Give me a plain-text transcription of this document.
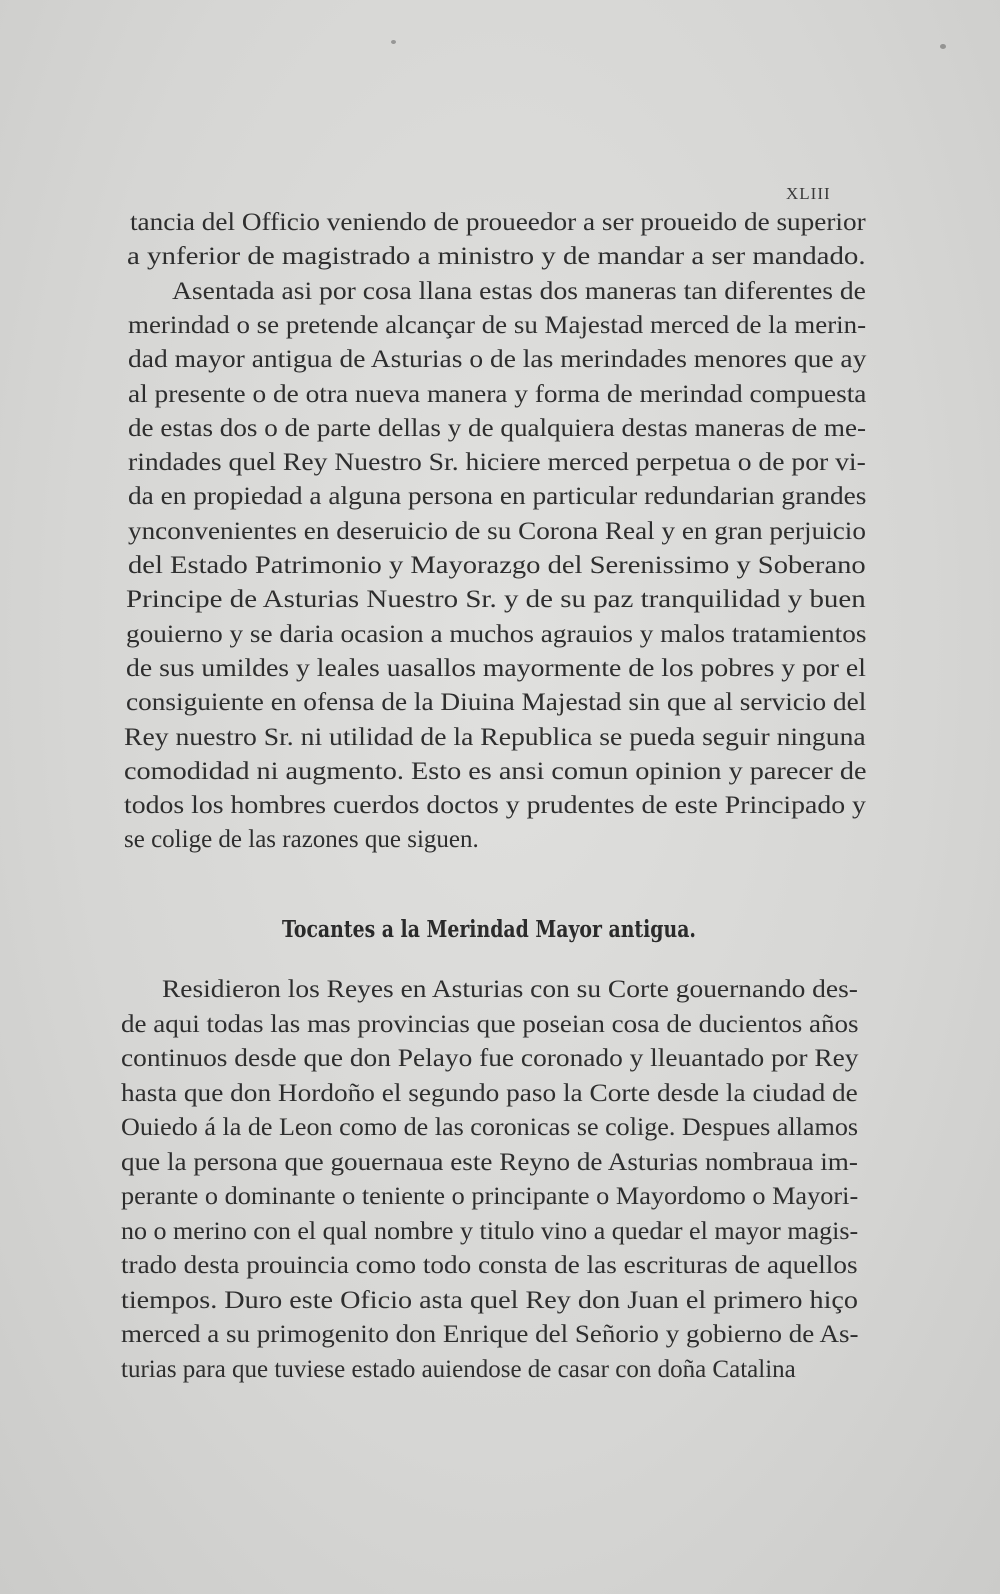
XLIII
tancia del Officio veniendo de proueedor a ser proueido de superior
a ynferior de magistrado a ministro y de mandar a ser mandado.
Asentada asi por cosa llana estas dos maneras tan diferentes de
merindad o se pretende alcançar de su Majestad merced de la merin-
dad mayor antigua de Asturias o de las merindades menores que ay
al presente o de otra nueva manera y forma de merindad compuesta
de estas dos o de parte dellas y de qualquiera destas maneras de me-
rindades quel Rey Nuestro Sr. hiciere merced perpetua o de por vi-
da en propiedad a alguna persona en particular redundarian grandes
ynconvenientes en deseruicio de su Corona Real y en gran perjuicio
del Estado Patrimonio y Mayorazgo del Serenissimo y Soberano
Principe de Asturias Nuestro Sr. y de su paz tranquilidad y buen
gouierno y se daria ocasion a muchos agrauios y malos tratamientos
de sus umildes y leales uasallos mayormente de los pobres y por el
consiguiente en ofensa de la Diuina Majestad sin que al servicio del
Rey nuestro Sr. ni utilidad de la Republica se pueda seguir ninguna
comodidad ni augmento. Esto es ansi comun opinion y parecer de
todos los hombres cuerdos doctos y prudentes de este Principado y
se colige de las razones que siguen.
Tocantes a la Merindad Mayor antigua.
Residieron los Reyes en Asturias con su Corte gouernando des-
de aqui todas las mas provincias que poseian cosa de ducientos años
continuos desde que don Pelayo fue coronado y lleuantado por Rey
hasta que don Hordoño el segundo paso la Corte desde la ciudad de
Ouiedo á la de Leon como de las coronicas se colige. Despues allamos
que la persona que gouernaua este Reyno de Asturias nombraua im-
perante o dominante o teniente o principante o Mayordomo o Mayori-
no o merino con el qual nombre y titulo vino a quedar el mayor magis-
trado desta prouincia como todo consta de las escrituras de aquellos
tiempos. Duro este Oficio asta quel Rey don Juan el primero hiço
merced a su primogenito don Enrique del Señorio y gobierno de As-
turias para que tuviese estado auiendose de casar con doña Catalina
